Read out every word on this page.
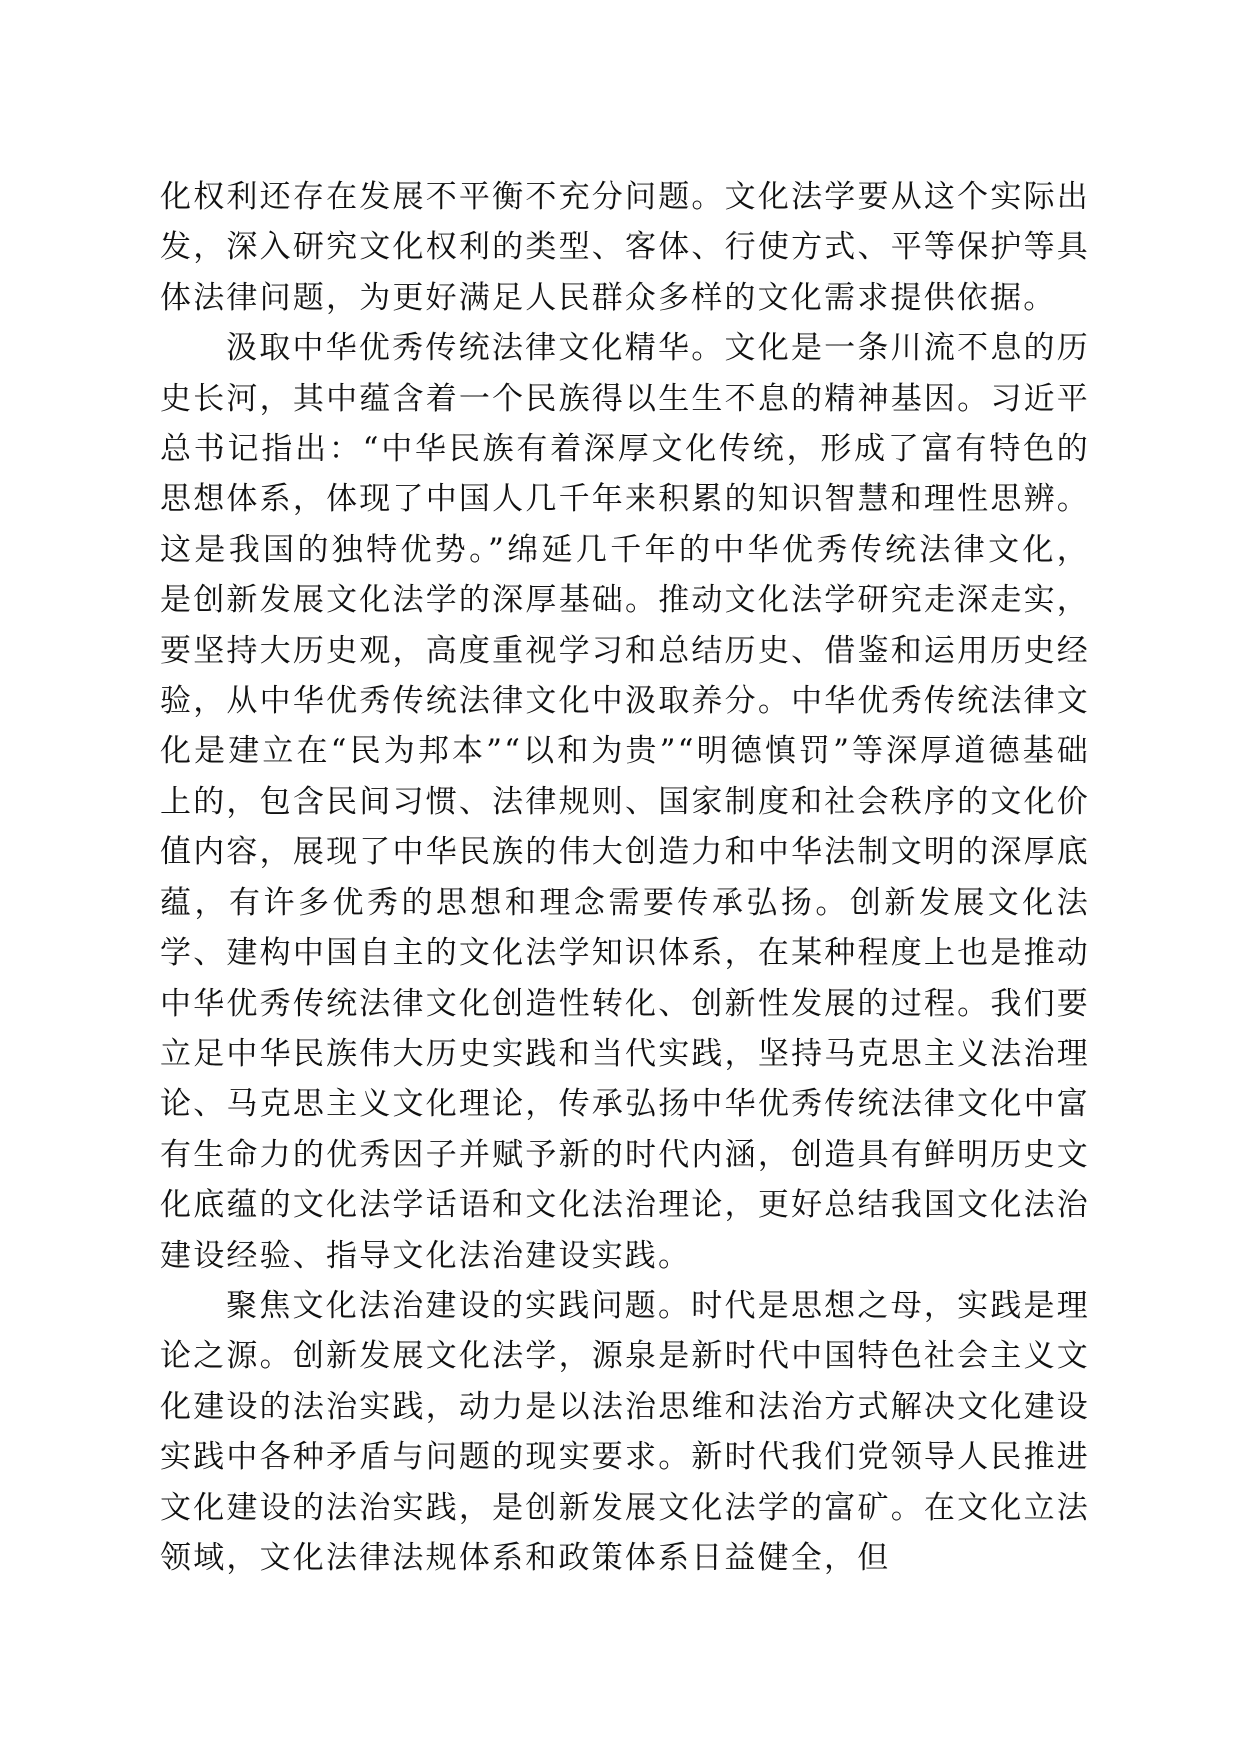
化权利还存在发展不平衡不充分问题。文化法学要从这个实际出发，深入研究文化权利的类型、客体、行使方式、平等保护等具体法律问题，为更好满足人民群众多样的文化需求提供依据。

汲取中华优秀传统法律文化精华。文化是一条川流不息的历史长河，其中蕴含着一个民族得以生生不息的精神基因。习近平总书记指出：“中华民族有着深厚文化传统，形成了富有特色的思想体系，体现了中国人几千年来积累的知识智慧和理性思辨。这是我国的独特优势。”绵延几千年的中华优秀传统法律文化，是创新发展文化法学的深厚基础。推动文化法学研究走深走实，要坚持大历史观，高度重视学习和总结历史、借鉴和运用历史经验，从中华优秀传统法律文化中汲取养分。中华优秀传统法律文化是建立在“民为邦本”“以和为贵”“明德慎罚”等深厚道德基础上的，包含民间习惯、法律规则、国家制度和社会秩序的文化价值内容，展现了中华民族的伟大创造力和中华法制文明的深厚底蕴，有许多优秀的思想和理念需要传承弘扬。创新发展文化法学、建构中国自主的文化法学知识体系，在某种程度上也是推动中华优秀传统法律文化创造性转化、创新性发展的过程。我们要立足中华民族伟大历史实践和当代实践，坚持马克思主义法治理论、马克思主义文化理论，传承弘扬中华优秀传统法律文化中富有生命力的优秀因子并赋予新的时代内涵，创造具有鲜明历史文化底蕴的文化法学话语和文化法治理论，更好总结我国文化法治建设经验、指导文化法治建设实践。

聚焦文化法治建设的实践问题。时代是思想之母，实践是理论之源。创新发展文化法学，源泉是新时代中国特色社会主义文化建设的法治实践，动力是以法治思维和法治方式解决文化建设实践中各种矛盾与问题的现实要求。新时代我们党领导人民推进文化建设的法治实践，是创新发展文化法学的富矿。在文化立法领域，文化法律法规体系和政策体系日益健全，但
